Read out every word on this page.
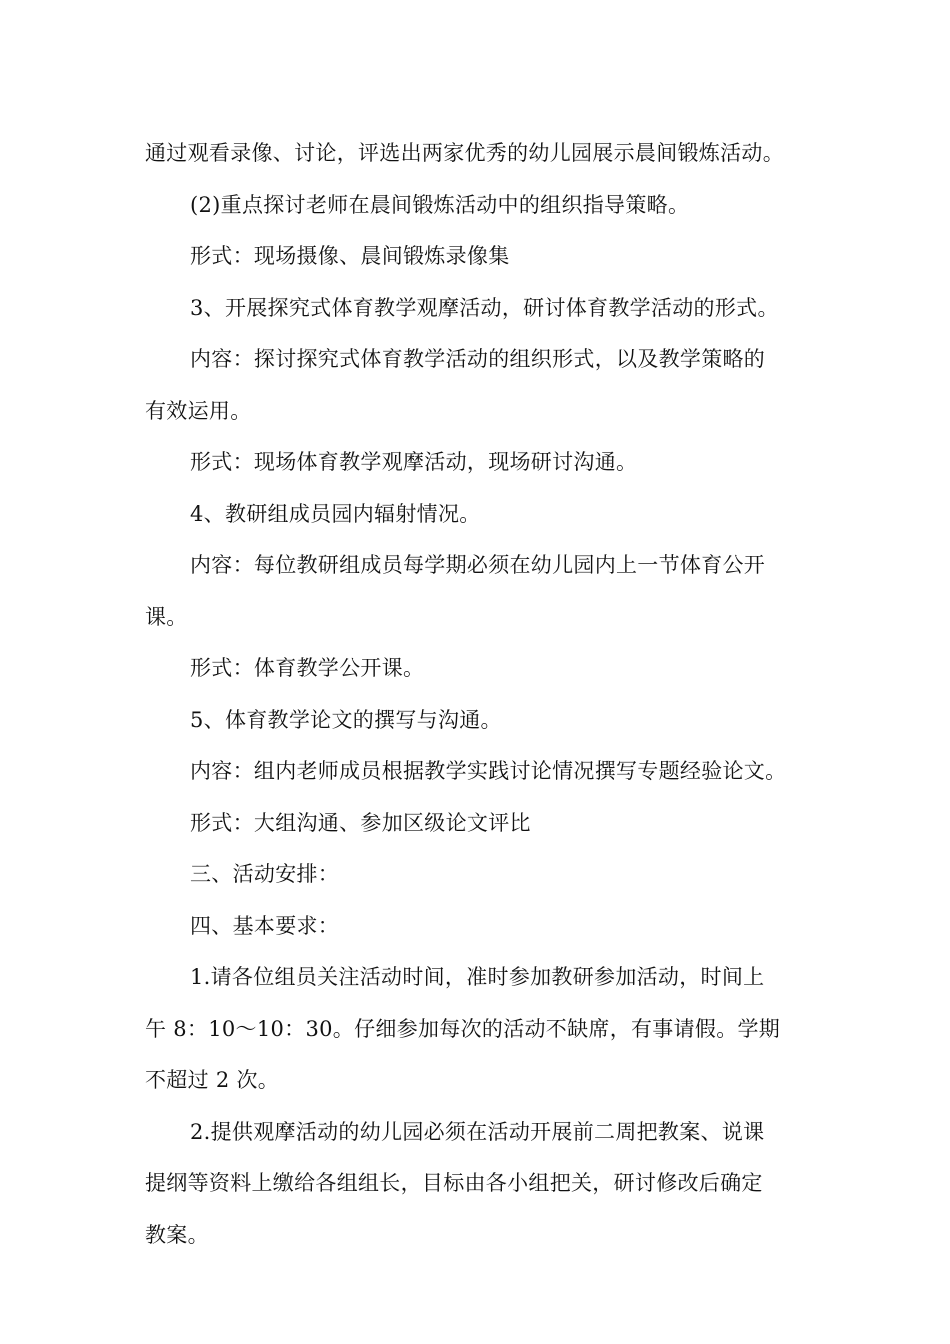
通过观看录像、讨论，评选出两家优秀的幼儿园展示晨间锻炼活动。
(2)重点探讨老师在晨间锻炼活动中的组织指导策略。
形式：现场摄像、晨间锻炼录像集
3、开展探究式体育教学观摩活动，研讨体育教学活动的形式。
内容：探讨探究式体育教学活动的组织形式，以及教学策略的
有效运用。
形式：现场体育教学观摩活动，现场研讨沟通。
4、教研组成员园内辐射情况。
内容：每位教研组成员每学期必须在幼儿园内上一节体育公开
课。
形式：体育教学公开课。
5、体育教学论文的撰写与沟通。
内容：组内老师成员根据教学实践讨论情况撰写专题经验论文。
形式：大组沟通、参加区级论文评比
三、活动安排：
四、基本要求：
1.请各位组员关注活动时间，准时参加教研参加活动，时间上
午 8：10～10：30。仔细参加每次的活动不缺席，有事请假。学期
不超过 2 次。
2.提供观摩活动的幼儿园必须在活动开展前二周把教案、说课
提纲等资料上缴给各组组长，目标由各小组把关，研讨修改后确定
教案。
